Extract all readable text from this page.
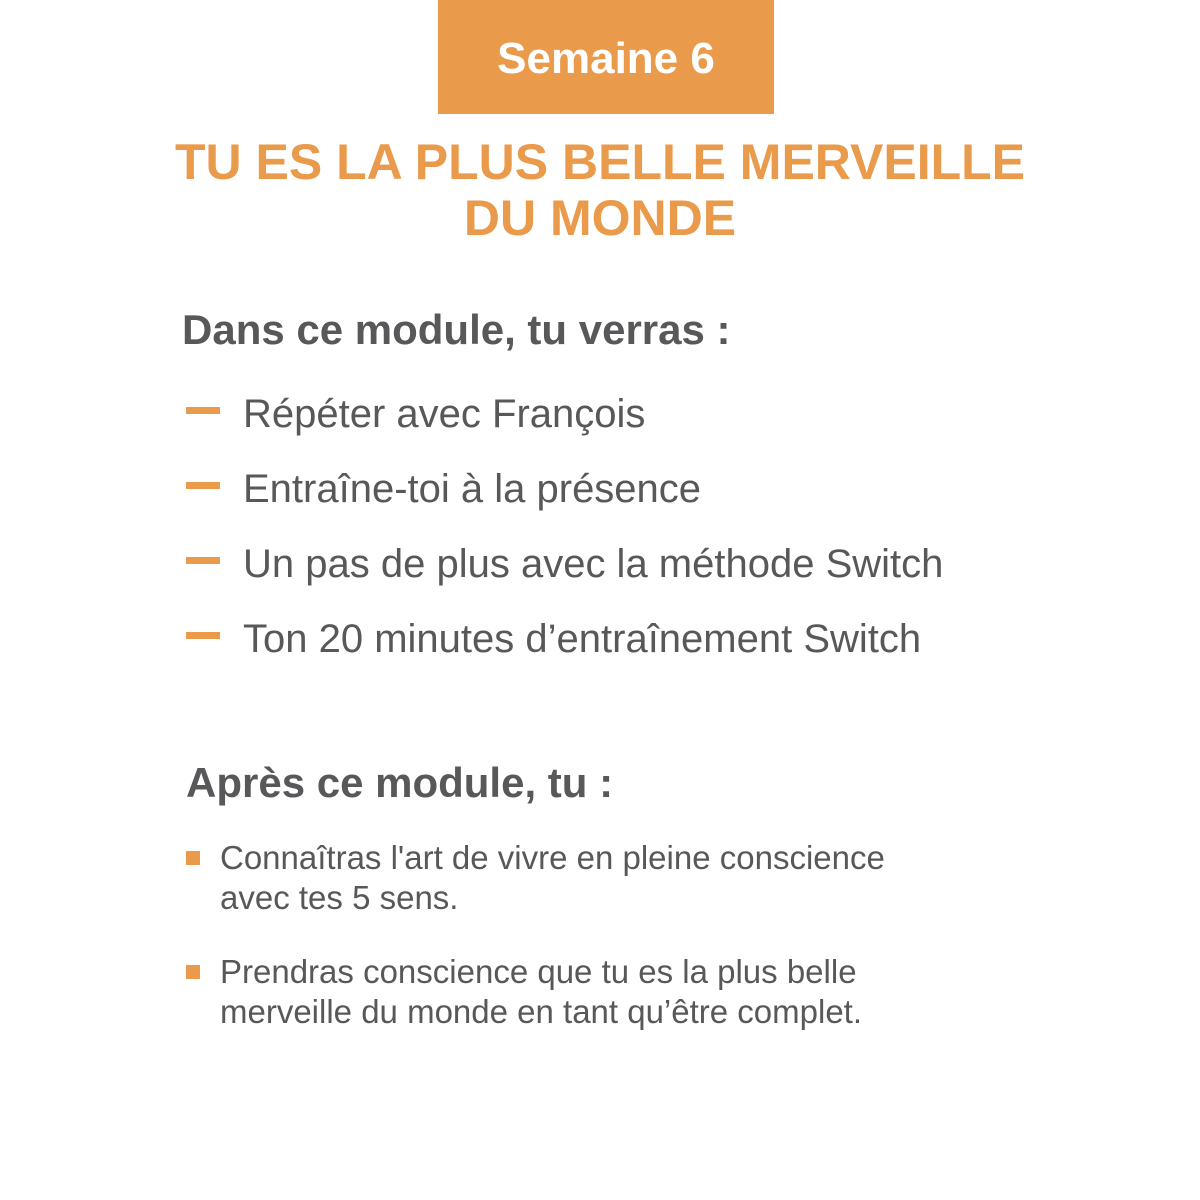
Semaine 6
TU ES LA PLUS BELLE MERVEILLE
DU MONDE
Dans ce module, tu verras :
Répéter avec François
Entraîne-toi à la présence
Un pas de plus avec la méthode Switch
Ton 20 minutes d’entraînement Switch
Après ce module, tu :
Connaîtras l'art de vivre en pleine conscience
avec tes 5 sens.
Prendras conscience que tu es la plus belle
merveille du monde en tant qu’être complet.
